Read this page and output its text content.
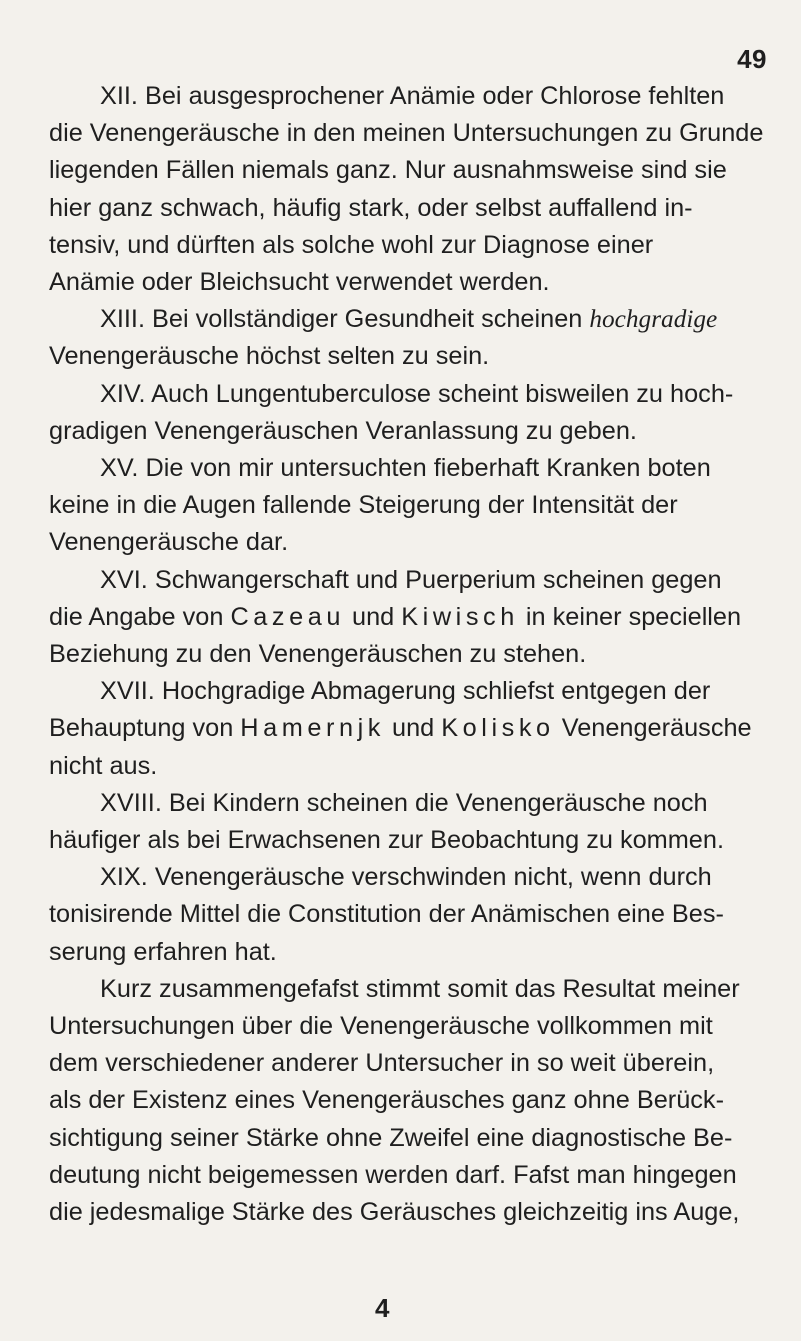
49

XII. Bei ausgesprochener Anämie oder Chlorose fehlten
die Venengeräusche in den meinen Untersuchungen zu Grunde
liegenden Fällen niemals ganz. Nur ausnahmsweise sind sie
hier ganz schwach, häufig stark, oder selbst auffallend in-
tensiv, und dürften als solche wohl zur Diagnose einer
Anämie oder Bleichsucht verwendet werden.

XIII. Bei vollständiger Gesundheit scheinen hochgradige
Venengeräusche höchst selten zu sein.

XIV. Auch Lungentuberculose scheint bisweilen zu hoch-
gradigen Venengeräuschen Veranlassung zu geben.

XV. Die von mir untersuchten fieberhaft Kranken boten
keine in die Augen fallende Steigerung der Intensität der
Venengeräusche dar.

XVI. Schwangerschaft und Puerperium scheinen gegen
die Angabe von Cazeau und Kiwisch in keiner speciellen
Beziehung zu den Venengeräuschen zu stehen.

XVII. Hochgradige Abmagerung schliefst entgegen der
Behauptung von Hamernjk und Kolisko Venengeräusche
nicht aus.

XVIII. Bei Kindern scheinen die Venengeräusche noch
häufiger als bei Erwachsenen zur Beobachtung zu kommen.

XIX. Venengeräusche verschwinden nicht, wenn durch
tonisirende Mittel die Constitution der Anämischen eine Bes-
serung erfahren hat.

Kurz zusammengefafst stimmt somit das Resultat meiner
Untersuchungen über die Venengeräusche vollkommen mit
dem verschiedener anderer Untersucher in so weit überein,
als der Existenz eines Venengeräusches ganz ohne Berück-
sichtigung seiner Stärke ohne Zweifel eine diagnostische Be-
deutung nicht beigemessen werden darf. Fafst man hingegen
die jedesmalige Stärke des Geräusches gleichzeitig ins Auge,

4
